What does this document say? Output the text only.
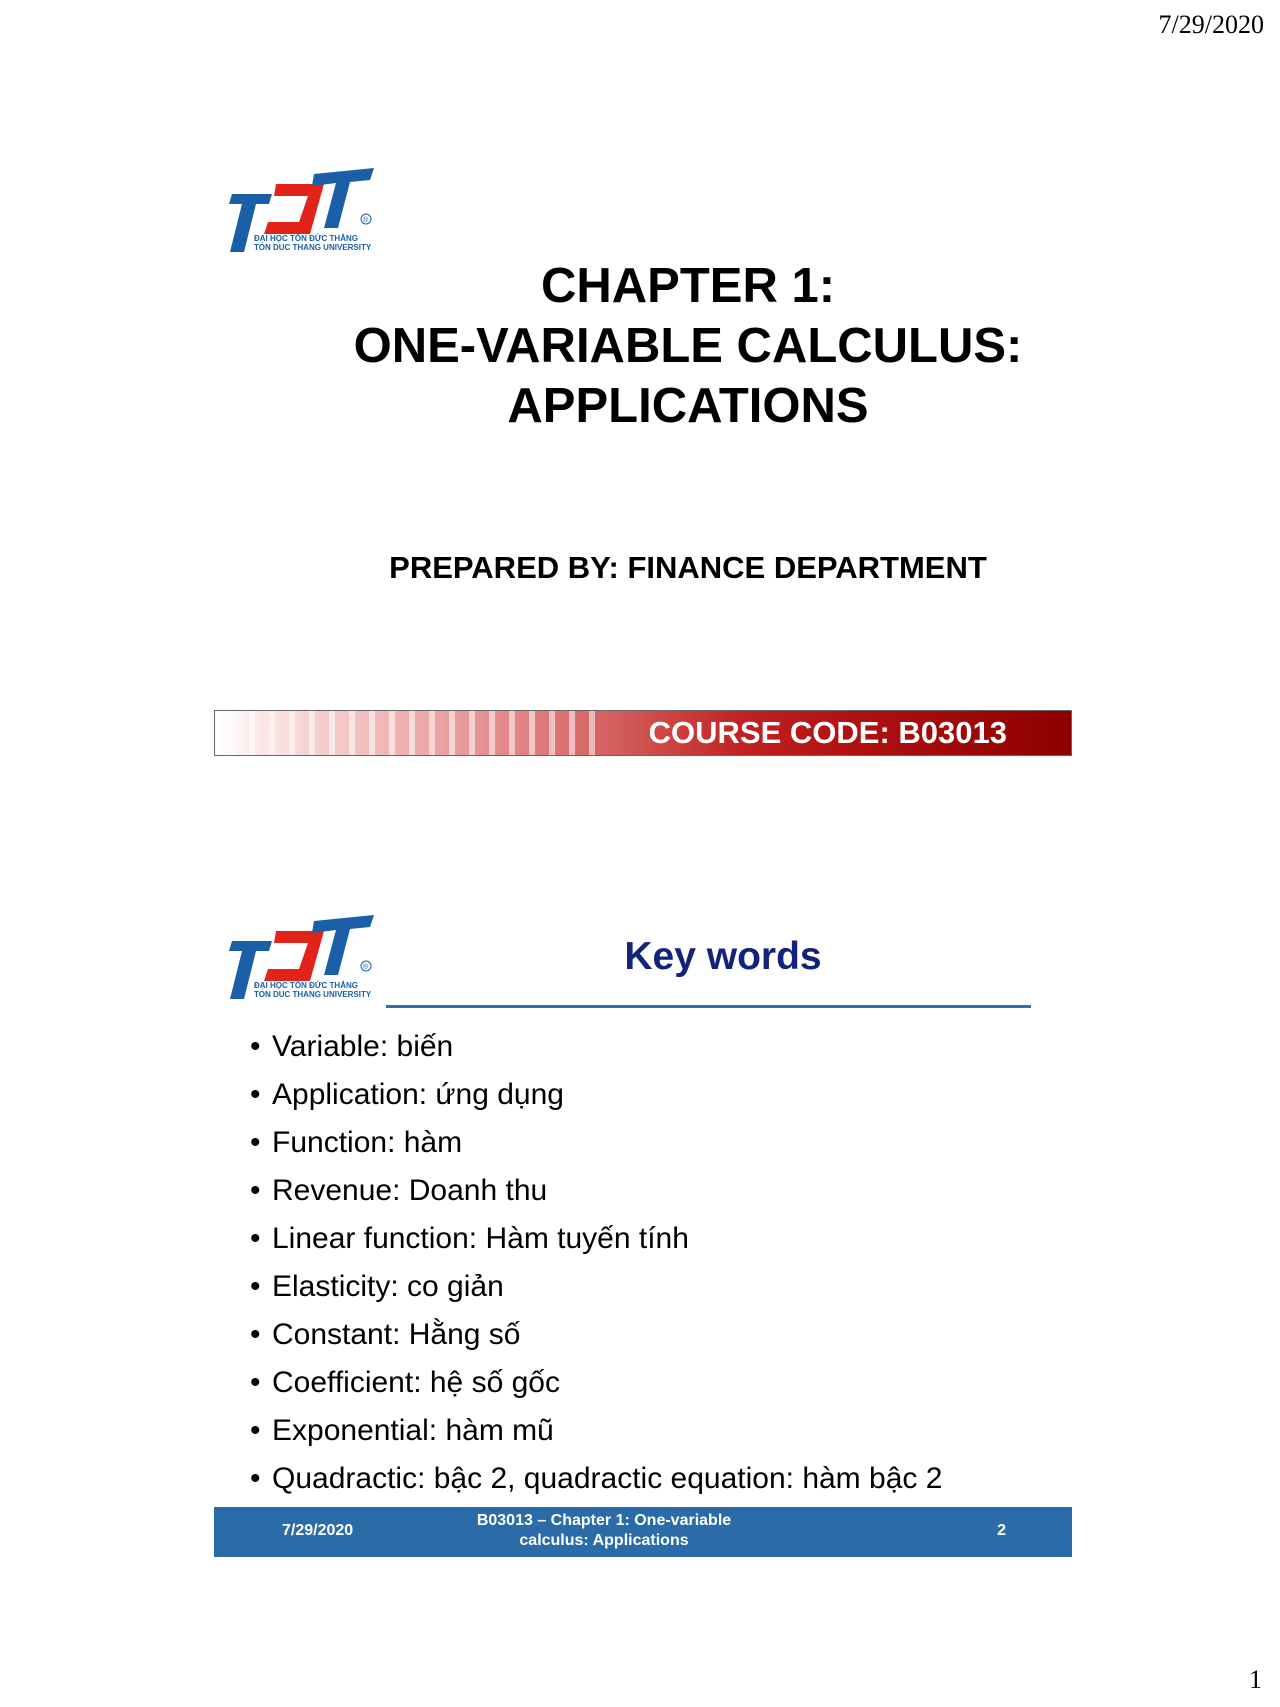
7/29/2020
®
ĐẠI HỌC TÔN ĐỨC THẮNG
TON DUC THANG UNIVERSITY
CHAPTER 1:
ONE-VARIABLE CALCULUS:
APPLICATIONS
PREPARED BY: FINANCE DEPARTMENT
COURSE CODE: B03013
®
ĐẠI HỌC TÔN ĐỨC THẮNG
TON DUC THANG UNIVERSITY
Key words
• Variable: biến
• Application: ứng dụng
• Function: hàm
• Revenue: Doanh thu
• Linear function: Hàm tuyến tính
• Elasticity: co giản
• Constant: Hằng số
• Coefficient: hệ số gốc
• Exponential: hàm mũ
• Quadractic: bậc 2, quadractic equation: hàm bậc 2
7/29/2020
B03013 – Chapter 1: One-variable
calculus: Applications
2
1
